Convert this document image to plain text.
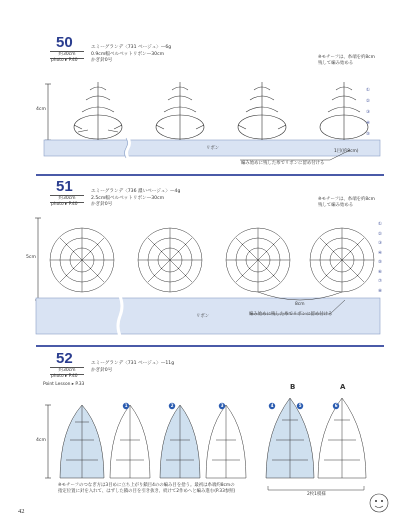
50
約30cm
photo ▸ P.40
エミーグランデ〈731 ベージュ〉—6g
0.9cm幅ベルベットリボン—30cm
かぎ針0号
※モチーフは、糸端を約8cm
残して編み始める
4cm
リボン
1目(約8cm)
編み始めに残した糸でリボンに留め付ける
①
②
③
④
⑤
51
約30cm
photo ▸ P.40
エミーグランデ〈736 濃いベージュ〉—4g
2.5cm幅ベルベットリボン—30cm
かぎ針0号
※モチーフは、糸端を約8cm
残して編み始める
5cm
リボン
8cm
編み始めに残した糸でリボンに留め付ける
①
②
③
④
⑤
⑥
⑦
⑧
52
約30cm
photo ▸ P.40
Point Lesson ▸ P.33
エミーグランデ〈731 ベージュ〉—11g
かぎ針0号
4cm
B	A
1	2	3	4	5	6
2枚1模様
※モチーフのつなぎ方は3目めに立ち上がり鎖目4のの編み目を拾う。最初は糸端約8cmの
指定位置に針を入れて、はずした鎖の目を引き抜き、続けて2作めへと編み進む(P.33参照)
42
